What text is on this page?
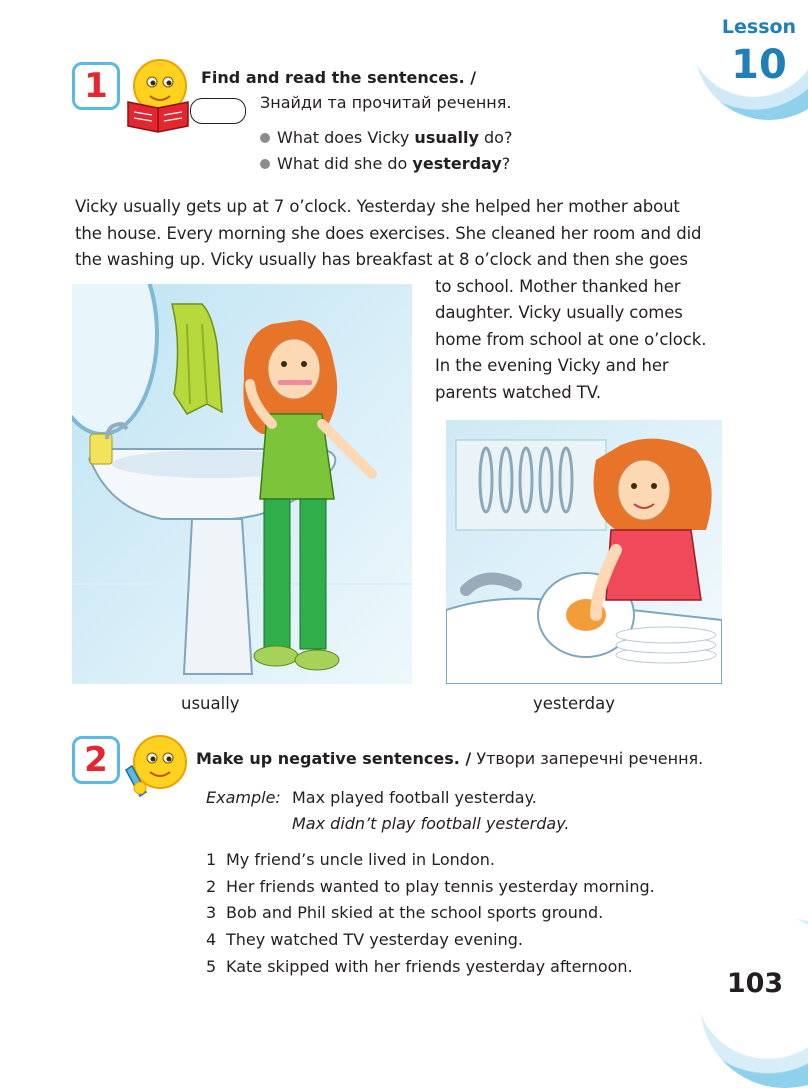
Lesson
10
1	Find and read the sentences. /
Знайди та прочитай речення.
What does Vicky usually do?
What did she do yesterday?
Vicky usually gets up at 7 o’clock. Yesterday she helped her mother about
the house. Every morning she does exercises. She cleaned her room and did
the washing up. Vicky usually has breakfast at 8 o’clock and then she goes
to school. Mother thanked her
daughter. Vicky usually comes
home from school at one o’clock.
In the evening Vicky and her
parents watched TV.
usually	yesterday
2	Make up negative sentences. / Утвори заперечні речення.
Example: Max played football yesterday.
Max didn’t play football yesterday.
1 My friend’s uncle lived in London.
2 Her friends wanted to play tennis yesterday morning.
3 Bob and Phil skied at the school sports ground.
4 They watched TV yesterday evening.
5 Kate skipped with her friends yesterday afternoon.
103
